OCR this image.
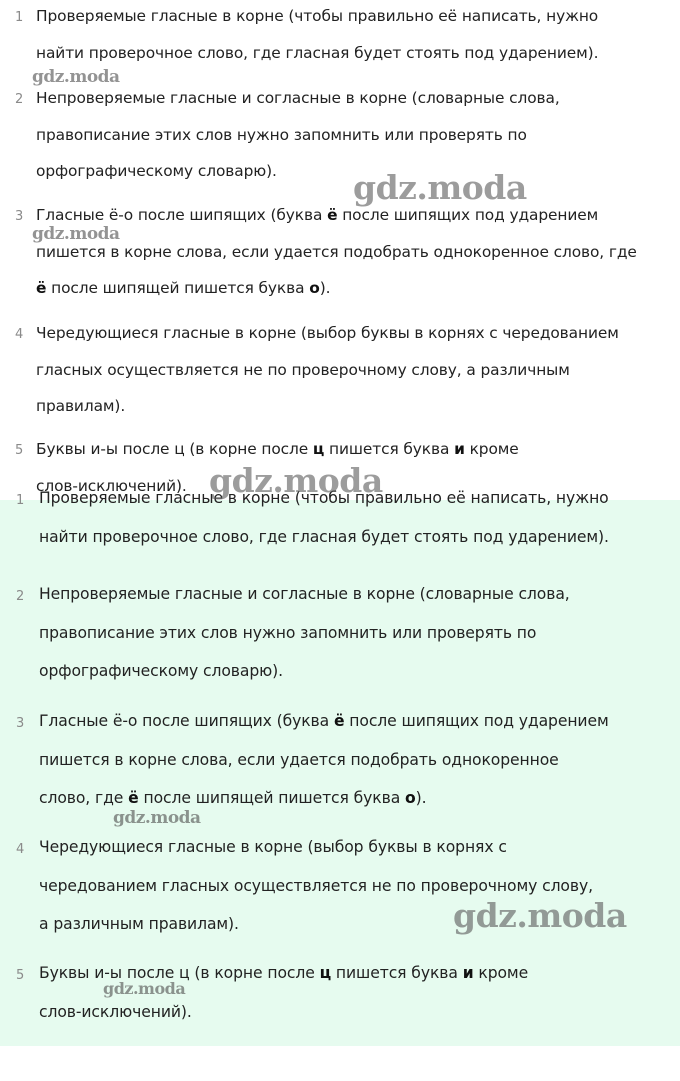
1 Проверяемые гласные в корне (чтобы правильно её написать, нужно
найти проверочное слово, где гласная будет стоять под ударением).

2 Непроверяемые гласные и согласные в корне (словарные слова,
правописание этих слов нужно запомнить или проверять по
орфографическому словарю).

3 Гласные ё-о после шипящих (буква ё после шипящих под ударением
пишется в корне слова, если удается подобрать однокоренное слово, где
ё после шипящей пишется буква о).

4 Чередующиеся гласные в корне (выбор буквы в корнях с чередованием
гласных осуществляется не по проверочному слову, а различным
правилам).

5 Буквы и-ы после ц (в корне после ц пишется буква и кроме
слов-исключений).

1 Проверяемые гласные в корне (чтобы правильно её написать, нужно
найти проверочное слово, где гласная будет стоять под ударением).

2 Непроверяемые гласные и согласные в корне (словарные слова,
правописание этих слов нужно запомнить или проверять по
орфографическому словарю).

3 Гласные ё-о после шипящих (буква ё после шипящих под ударением
пишется в корне слова, если удается подобрать однокоренное
слово, где ё после шипящей пишется буква о).

4 Чередующиеся гласные в корне (выбор буквы в корнях с
чередованием гласных осуществляется не по проверочному слову,
а различным правилам).

5 Буквы и-ы после ц (в корне после ц пишется буква и кроме
слов-исключений).

gdz.moda
gdz.moda
gdz.moda
gdz.moda
gdz.moda
gdz.moda
gdz.moda
